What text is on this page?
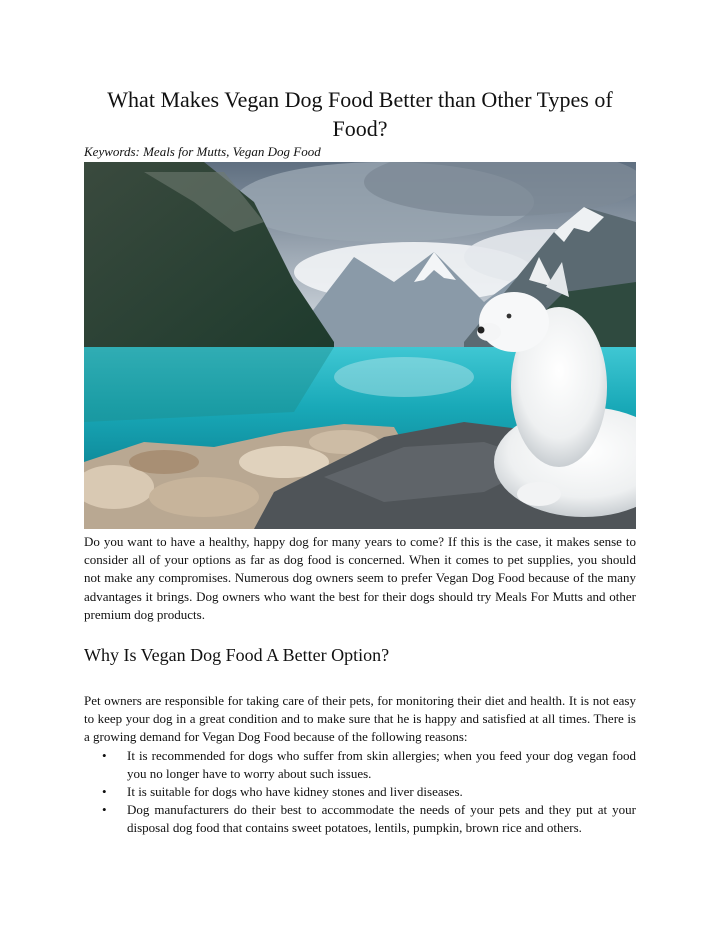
What Makes Vegan Dog Food Better than Other Types of Food?
Keywords: Meals for Mutts, Vegan Dog Food

Do you want to have a healthy, happy dog for many years to come? If this is the case, it makes sense to consider all of your options as far as dog food is concerned. When it comes to pet supplies, you should not make any compromises. Numerous dog owners seem to prefer Vegan Dog Food because of the many advantages it brings. Dog owners who want the best for their dogs should try Meals For Mutts and other premium dog products.

Why Is Vegan Dog Food A Better Option?

Pet owners are responsible for taking care of their pets, for monitoring their diet and health. It is not easy to keep your dog in a great condition and to make sure that he is happy and satisfied at all times. There is a growing demand for Vegan Dog Food because of the following reasons:

• It is recommended for dogs who suffer from skin allergies; when you feed your dog vegan food you no longer have to worry about such issues.
• It is suitable for dogs who have kidney stones and liver diseases.
• Dog manufacturers do their best to accommodate the needs of your pets and they put at your disposal dog food that contains sweet potatoes, lentils, pumpkin, brown rice and others.
